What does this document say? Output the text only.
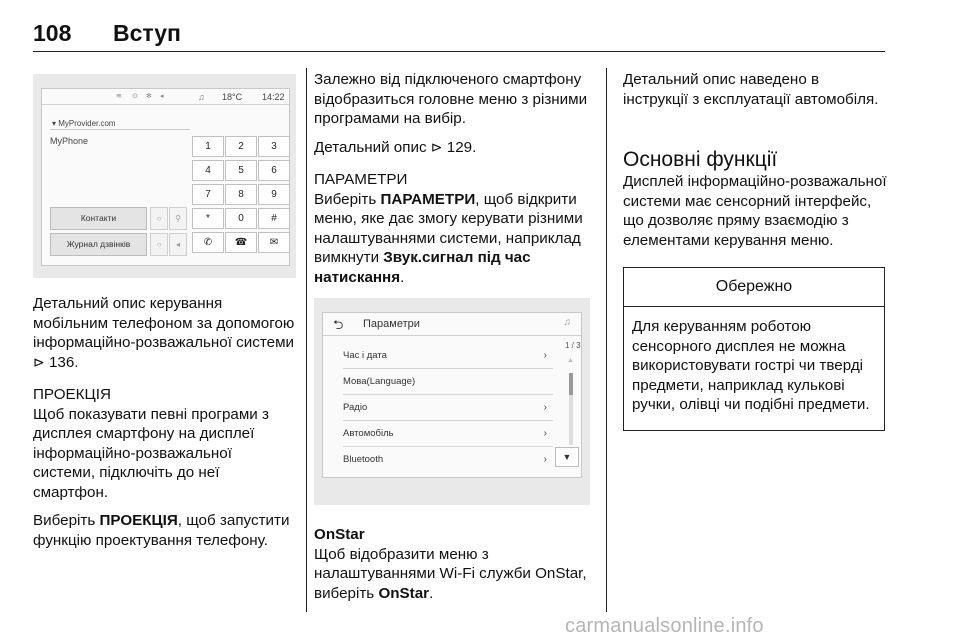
108 Вступ
≋ ⊙ ✻ ◂	♫ 18°C 14:22
▾ MyProvider.com
MyPhone	1	2	3
4	5	6
7	8	9
*	0	#
✆	☎	✉
Контакти
Журнал дзвінків
○	⚲
○	◂

Детальний опис керування мобільним телефоном за допомогою інформаційно-розважальної системи ⊳ 136.

ПРОЕКЦІЯ

Щоб показувати певні програми з дисплея смартфону на дисплеї інформаційно-розважальної системи, підключіть до неї смартфон.

Виберіть ПРОЕКЦІЯ, щоб запустити функцію проектування телефону.

Залежно від підключеного смартфону відобразиться головне меню з різними програмами на вибір.

Детальний опис ⊳ 129.

ПАРАМЕТРИ

Виберіть ПАРАМЕТРИ, щоб відкрити меню, яке дає змогу керувати різними налаштуваннями системи, наприклад вимкнути Звук.сигнал під час натискання.

⮌ Параметри	♫
Час і дата	›
Мова(Language)
Радіо	›
Автомобіль	›
Bluetooth	›
1 / 3
▲
▼

OnStar

Щоб відобразити меню з налаштуваннями Wi-Fi служби OnStar, виберіть OnStar.

Детальний опис наведено в інструкції з експлуатації автомобіля.

Основні функції

Дисплей інформаційно-розважальної системи має сенсорний інтерфейс, що дозволяє пряму взаємодію з елементами керування меню.

Обережно
Для керуванням роботою сенсорного дисплея не можна використовувати гострі чи тверді предмети, наприклад кулькові ручки, олівці чи подібні предмети.
carmanualsonline.info
